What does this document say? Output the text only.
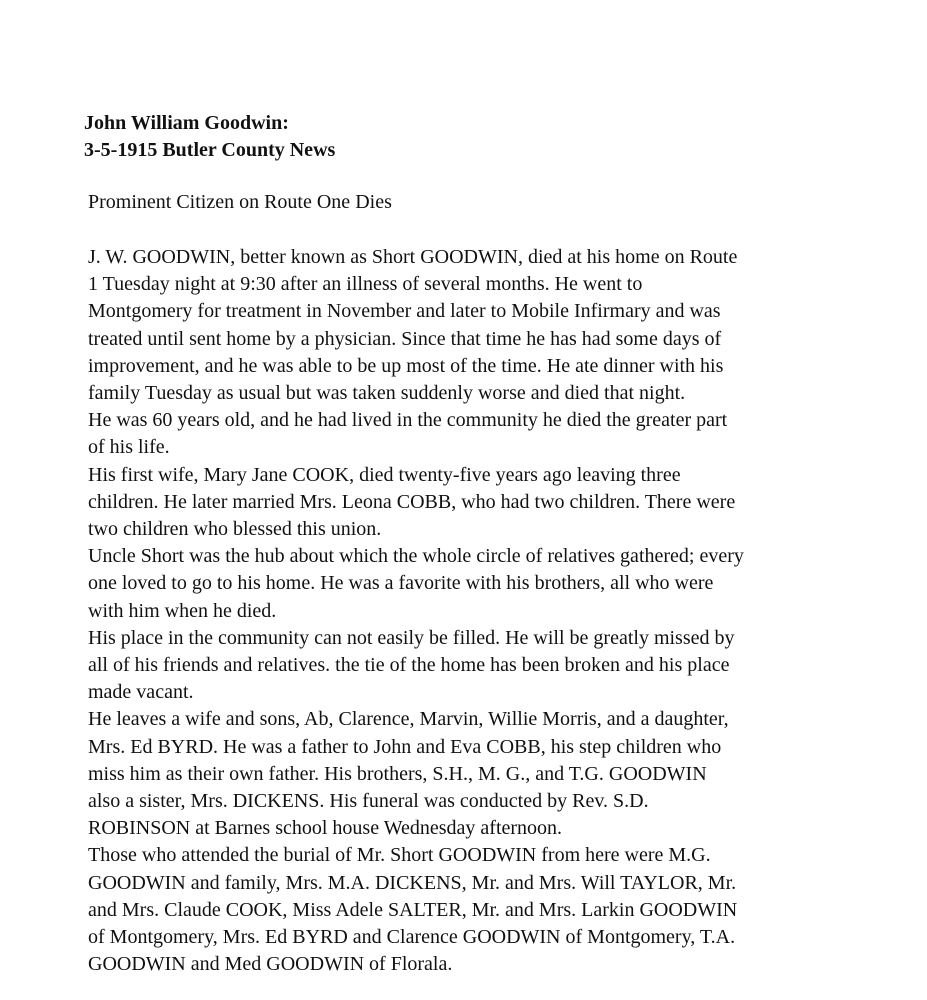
John William Goodwin:
3-5-1915 Butler County News
Prominent Citizen on Route One Dies
J. W. GOODWIN, better known as Short GOODWIN, died at his home on Route
1 Tuesday night at 9:30 after an illness of several months. He went to
Montgomery for treatment in November and later to Mobile Infirmary and was
treated until sent home by a physician. Since that time he has had some days of
improvement, and he was able to be up most of the time. He ate dinner with his
family Tuesday as usual but was taken suddenly worse and died that night.
He was 60 years old, and he had lived in the community he died the greater part
of his life.
His first wife, Mary Jane COOK, died twenty-five years ago leaving three
children. He later married Mrs. Leona COBB, who had two children. There were
two children who blessed this union.
Uncle Short was the hub about which the whole circle of relatives gathered; every
one loved to go to his home. He was a favorite with his brothers, all who were
with him when he died.
His place in the community can not easily be filled. He will be greatly missed by
all of his friends and relatives. the tie of the home has been broken and his place
made vacant.
He leaves a wife and sons, Ab, Clarence, Marvin, Willie Morris, and a daughter,
Mrs. Ed BYRD. He was a father to John and Eva COBB, his step children who
miss him as their own father. His brothers, S.H., M. G., and T.G. GOODWIN
also a sister, Mrs. DICKENS. His funeral was conducted by Rev. S.D.
ROBINSON at Barnes school house Wednesday afternoon.
Those who attended the burial of Mr. Short GOODWIN from here were M.G.
GOODWIN and family, Mrs. M.A. DICKENS, Mr. and Mrs. Will TAYLOR, Mr.
and Mrs. Claude COOK, Miss Adele SALTER, Mr. and Mrs. Larkin GOODWIN
of Montgomery, Mrs. Ed BYRD and Clarence GOODWIN of Montgomery, T.A.
GOODWIN and Med GOODWIN of Florala.
